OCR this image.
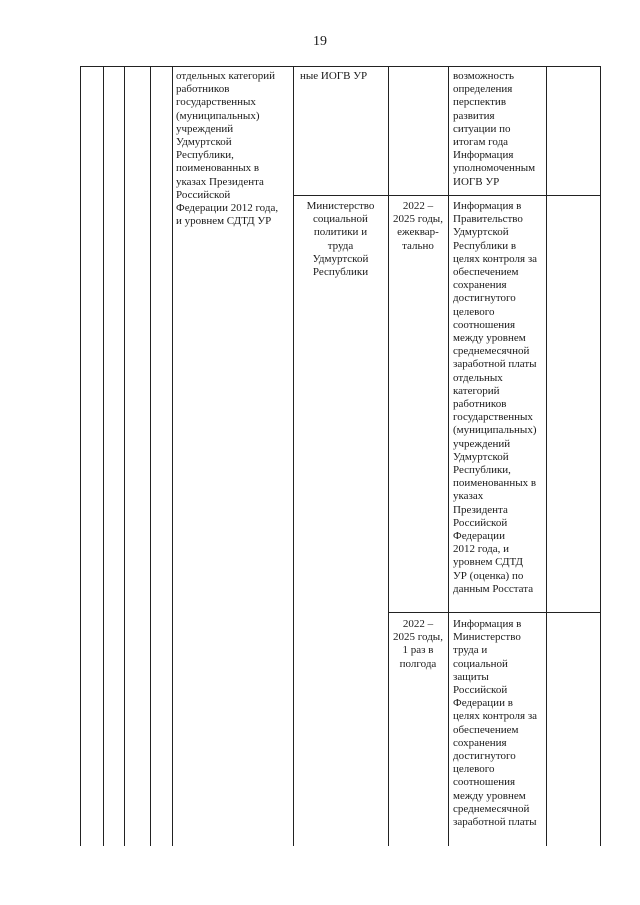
19
отдельных категорий
работников
государственных
(муниципальных)
учреждений
Удмуртской
Республики,
поименованных в
указах Президента
Российской
Федерации 2012 года,
и уровнем СДТД УР
ные ИОГВ УР	возможность
определения
перспектив
развития
ситуации по
итогам года
Информация
уполномоченным
ИОГВ УР
Министерство
социальной
политики и
труда
Удмуртской
Республики
2022 –
2025 годы,
ежеквар-
тально
Информация в
Правительство
Удмуртской
Республики в
целях контроля за
обеспечением
сохранения
достигнутого
целевого
соотношения
между уровнем
среднемесячной
заработной платы
отдельных
категорий
работников
государственных
(муниципальных)
учреждений
Удмуртской
Республики,
поименованных в
указах
Президента
Российской
Федерации
2012 года, и
уровнем СДТД
УР (оценка) по
данным Росстата
2022 –
2025 годы,
1 раз в
полгода
Информация в
Министерство
труда и
социальной
защиты
Российской
Федерации в
целях контроля за
обеспечением
сохранения
достигнутого
целевого
соотношения
между уровнем
среднемесячной
заработной платы
